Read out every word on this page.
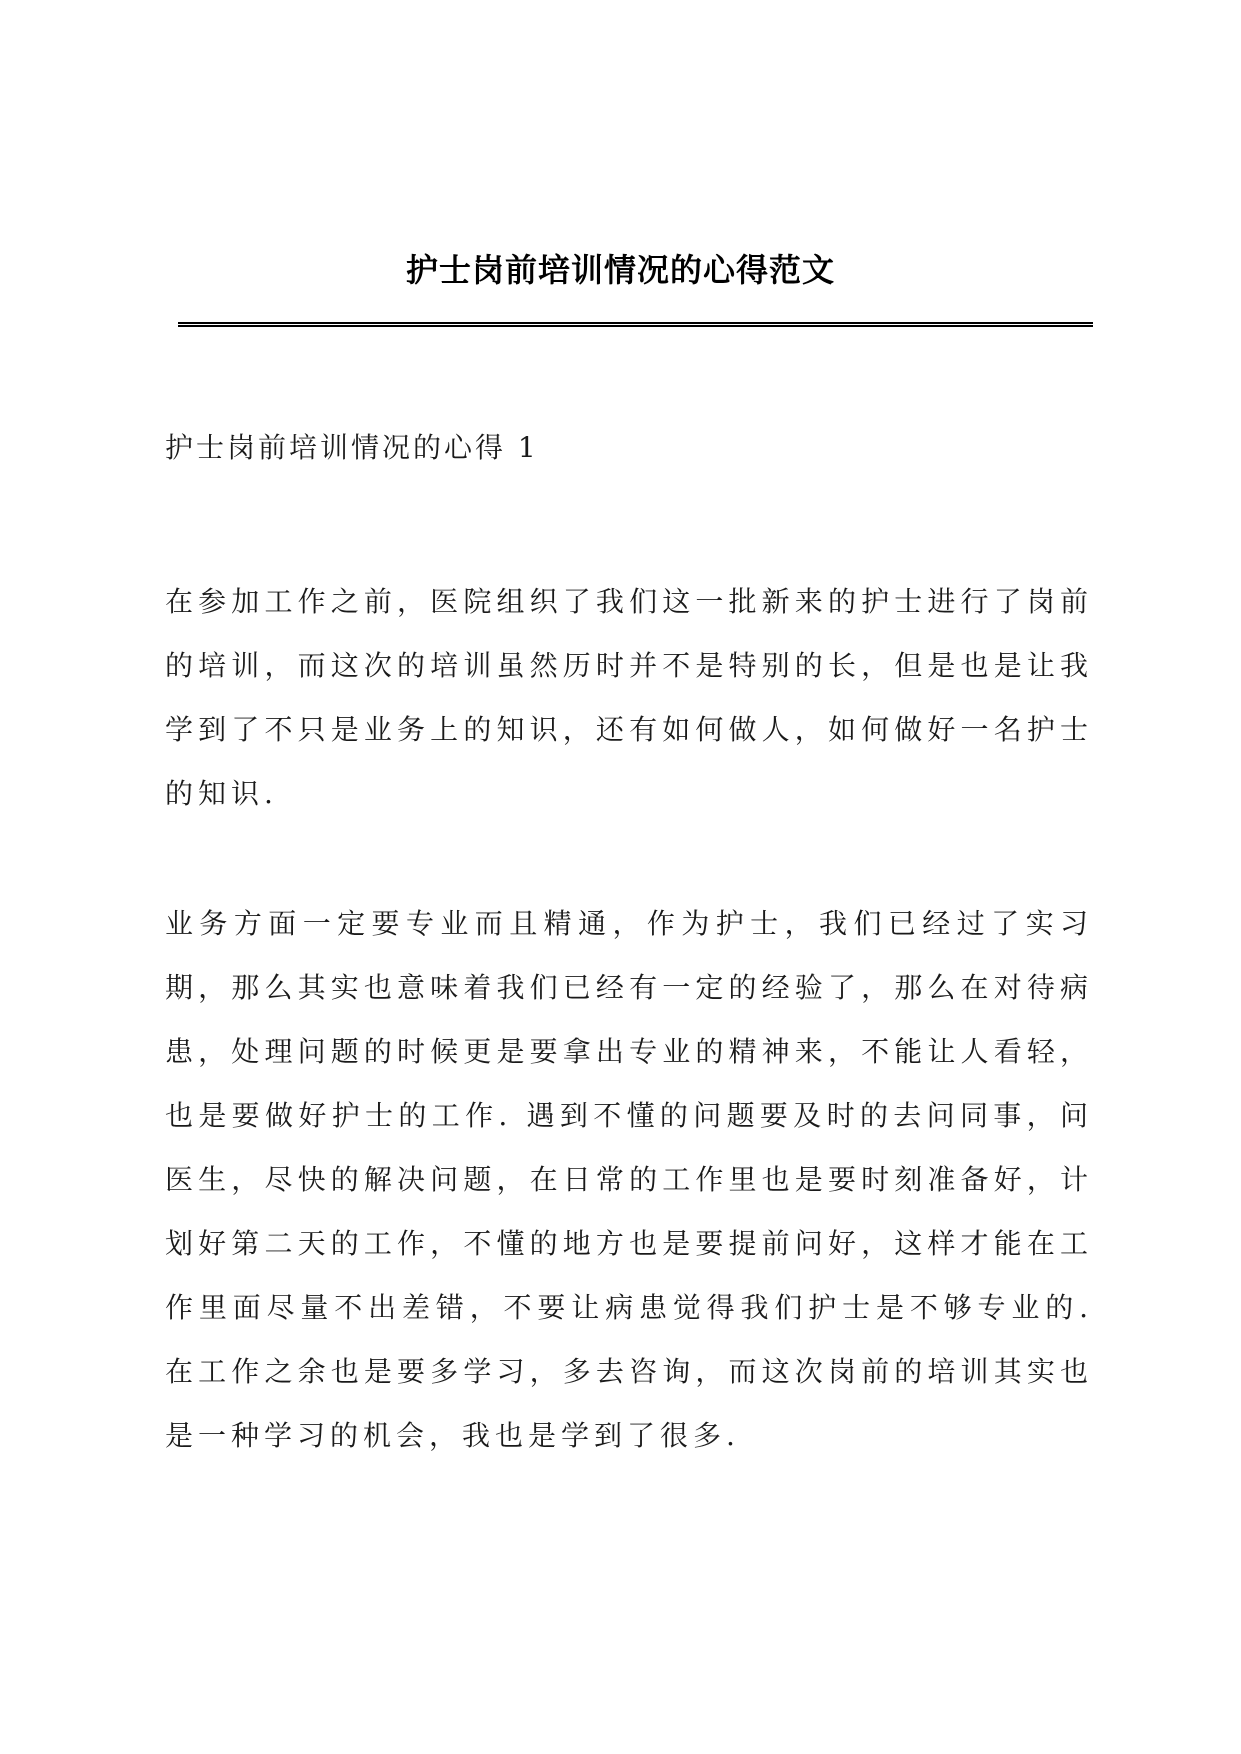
护士岗前培训情况的心得范文

护士岗前培训情况的心得 1

在参加工作之前，医院组织了我们这一批新来的护士进行了岗前的培训，而这次的培训虽然历时并不是特别的长，但是也是让我学到了不只是业务上的知识，还有如何做人，如何做好一名护士的知识.

业务方面一定要专业而且精通，作为护士，我们已经过了实习期，那么其实也意味着我们已经有一定的经验了，那么在对待病患，处理问题的时候更是要拿出专业的精神来，不能让人看轻，也是要做好护士的工作. 遇到不懂的问题要及时的去问同事，问医生，尽快的解决问题，在日常的工作里也是要时刻准备好，计划好第二天的工作，不懂的地方也是要提前问好，这样才能在工作里面尽量不出差错，不要让病患觉得我们护士是不够专业的. 在工作之余也是要多学习，多去咨询，而这次岗前的培训其实也是一种学习的机会，我也是学到了很多.
